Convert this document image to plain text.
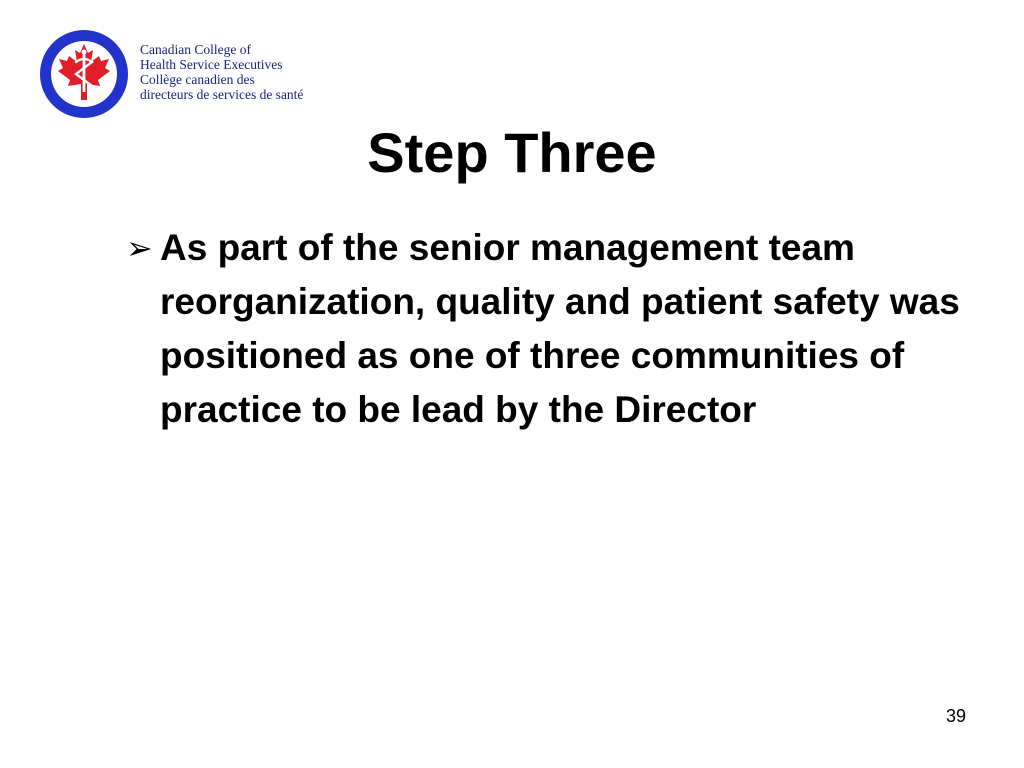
Canadian College of
Health Service Executives
Collège canadien des
directeurs de services de santé
Step Three
➢ As part of the senior management team reorganization, quality and patient safety was positioned as one of three communities of practice to be lead by the Director
39
